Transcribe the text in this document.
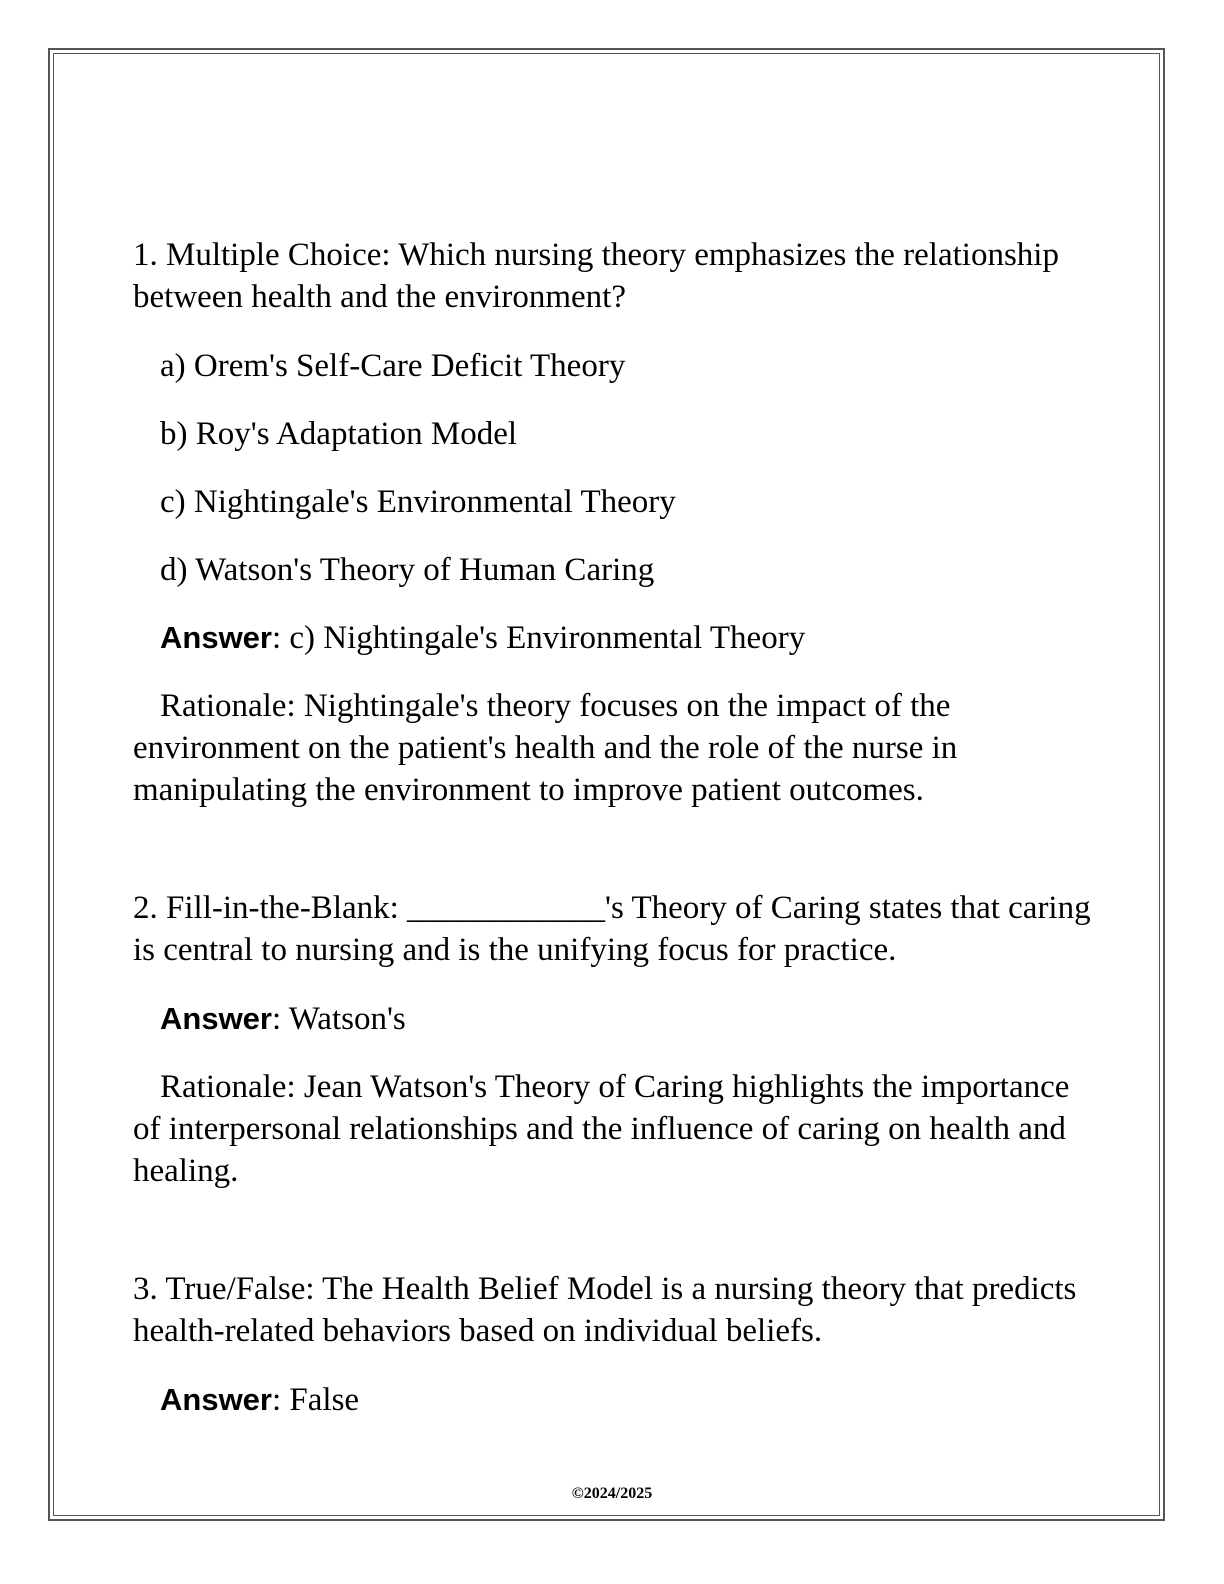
1. Multiple Choice: Which nursing theory emphasizes the relationship between health and the environment?

a) Orem's Self-Care Deficit Theory

b) Roy's Adaptation Model

c) Nightingale's Environmental Theory

d) Watson's Theory of Human Caring

Answer: c) Nightingale's Environmental Theory

Rationale: Nightingale's theory focuses on the impact of the environment on the patient's health and the role of the nurse in manipulating the environment to improve patient outcomes.

2. Fill-in-the-Blank: ____________'s Theory of Caring states that caring is central to nursing and is the unifying focus for practice.

Answer: Watson's

Rationale: Jean Watson's Theory of Caring highlights the importance of interpersonal relationships and the influence of caring on health and healing.

3. True/False: The Health Belief Model is a nursing theory that predicts health-related behaviors based on individual beliefs.

Answer: False

©2024/2025
